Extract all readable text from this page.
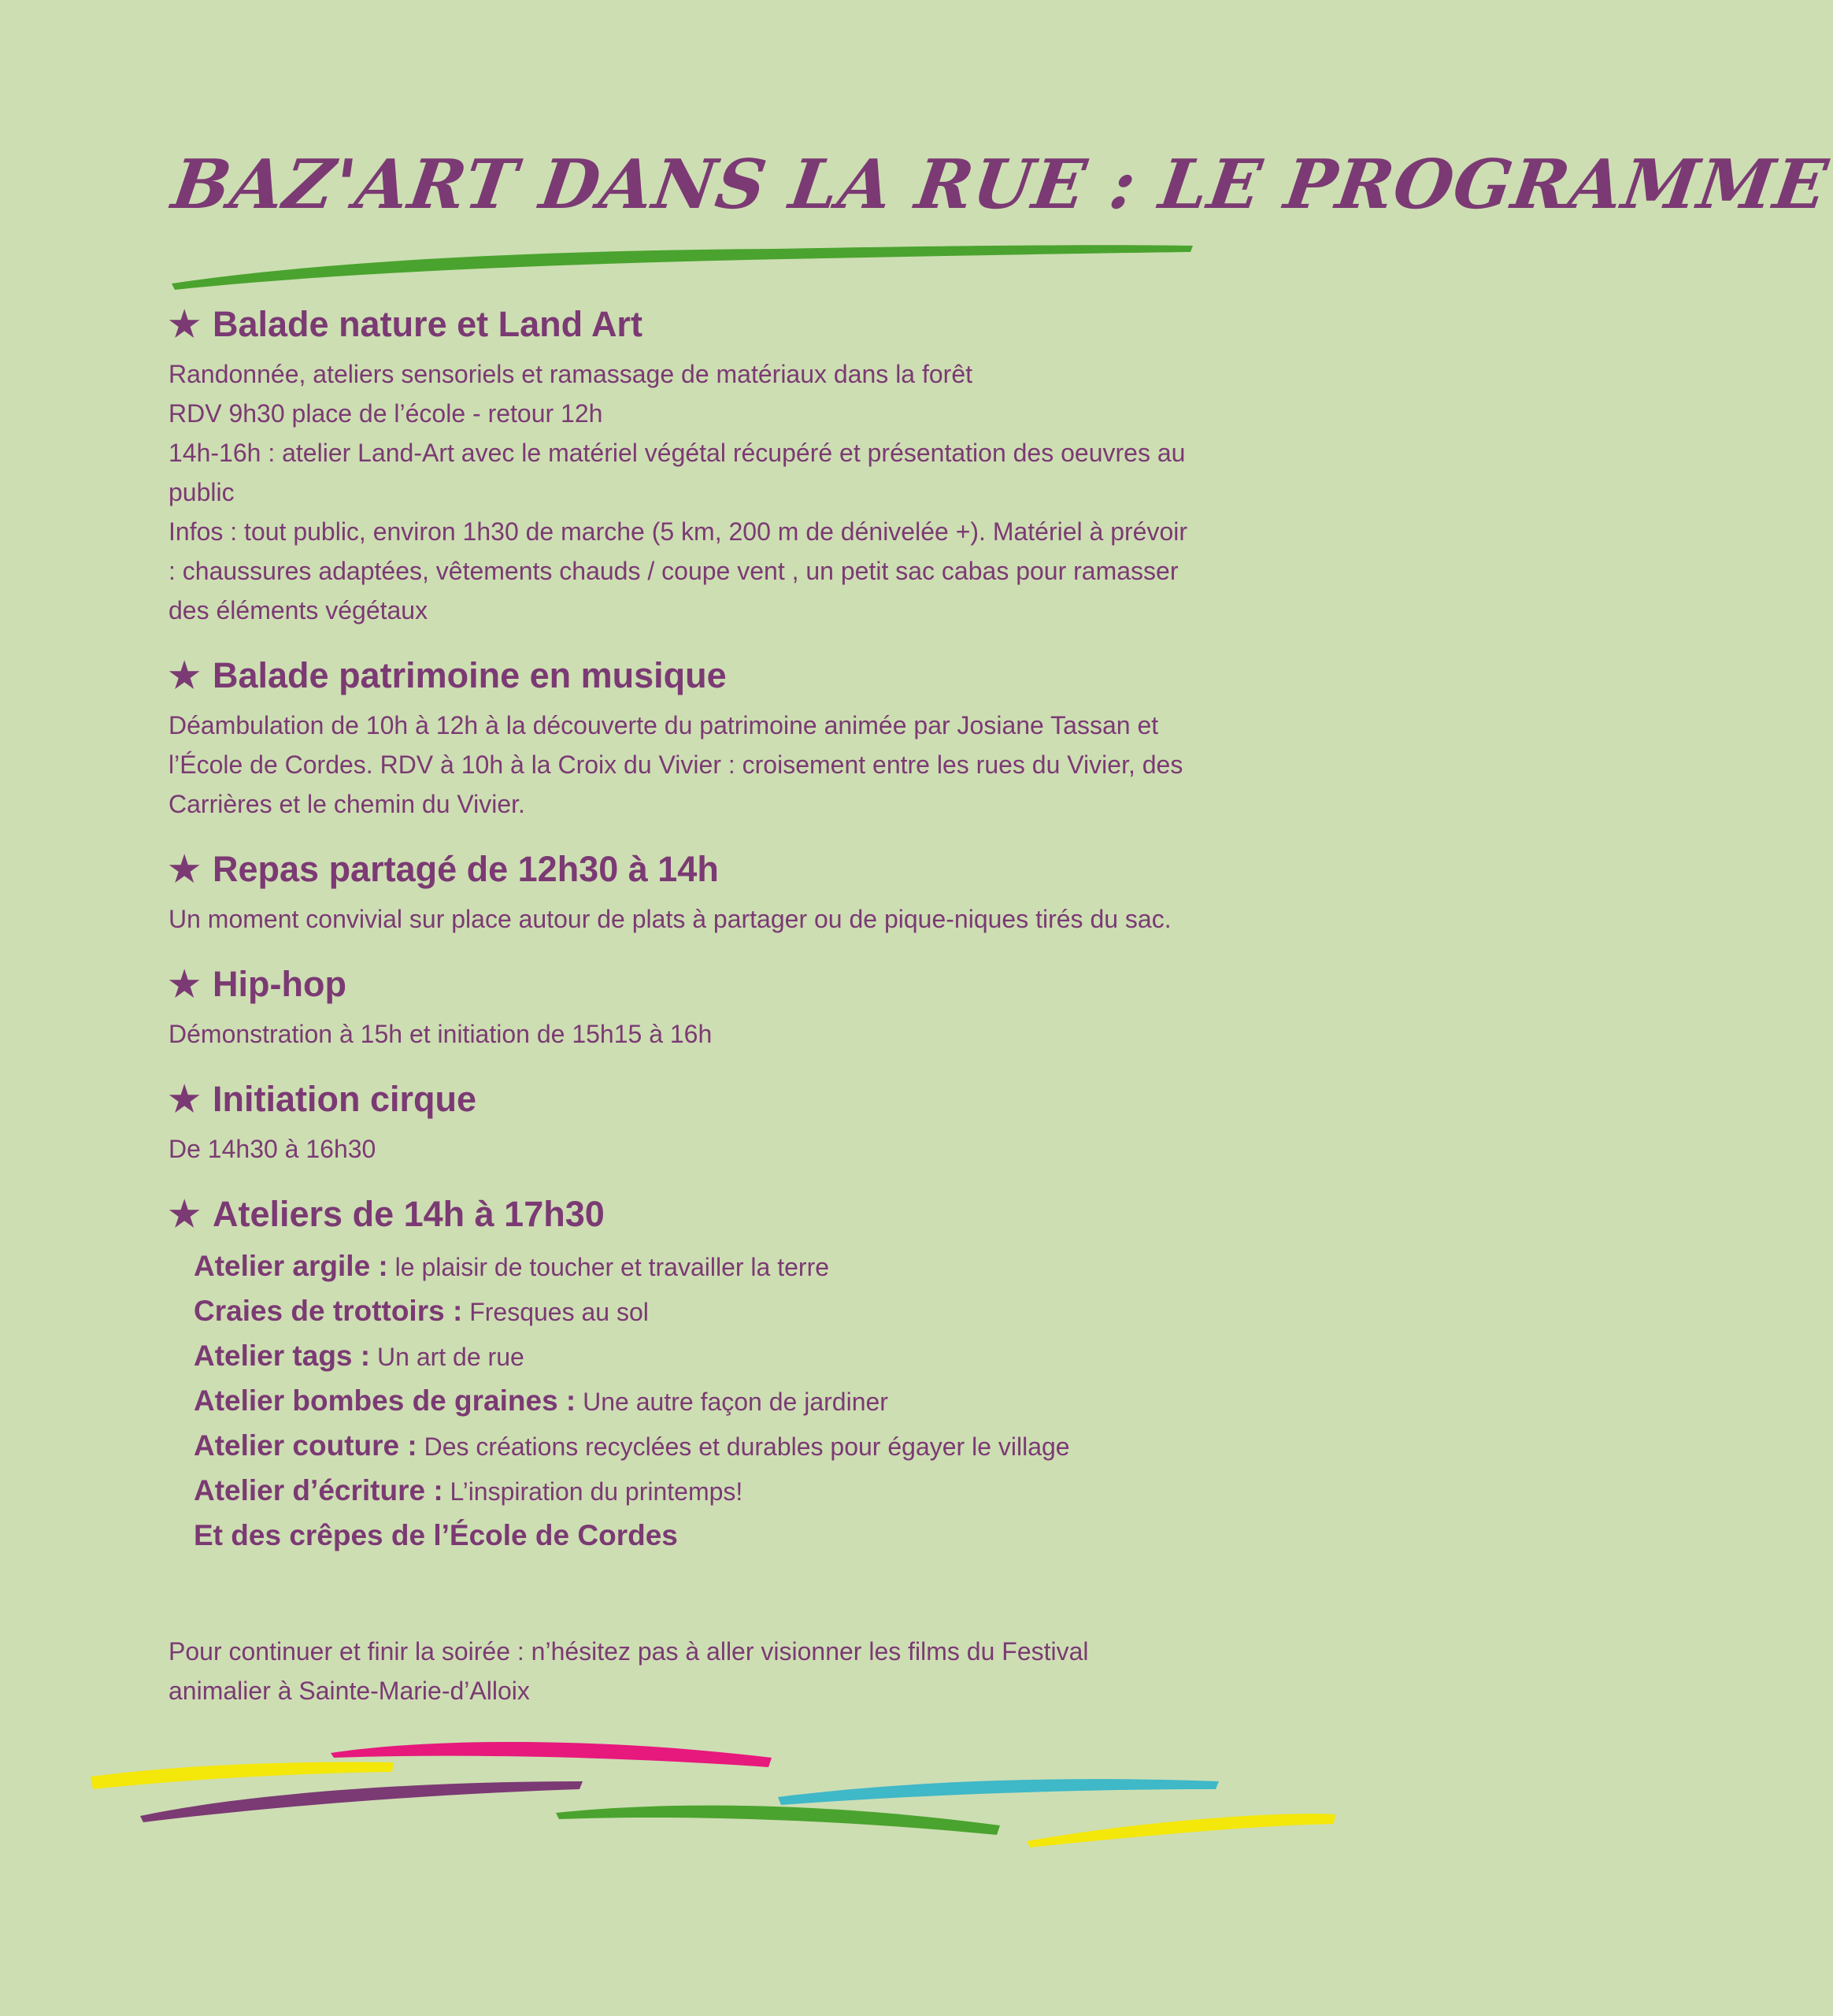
BAZ'ART DANS LA RUE : LE PROGRAMME
★ Balade nature et Land Art

Randonnée, ateliers sensoriels et ramassage de matériaux dans la forêt

RDV 9h30 place de l’école - retour 12h

14h-16h : atelier Land-Art avec le matériel végétal récupéré et présentation des oeuvres au public

Infos : tout public, environ 1h30 de marche (5 km, 200 m de dénivelée +). Matériel à prévoir : chaussures adaptées, vêtements chauds / coupe vent , un petit sac cabas pour ramasser des éléments végétaux

★ Balade patrimoine en musique

Déambulation de 10h à 12h à la découverte du patrimoine animée par Josiane Tassan et l’École de Cordes. RDV à 10h à la Croix du Vivier : croisement entre les rues du Vivier, des Carrières et le chemin du Vivier.

★ Repas partagé de 12h30 à 14h

Un moment convivial sur place autour de plats à partager ou de pique-niques tirés du sac.

★ Hip-hop

Démonstration à 15h et initiation de 15h15 à 16h

★ Initiation cirque

De 14h30 à 16h30

★ Ateliers de 14h à 17h30
Atelier argile : le plaisir de toucher et travailler la terre
Craies de trottoirs : Fresques au sol
Atelier tags : Un art de rue
Atelier bombes de graines : Une autre façon de jardiner
Atelier couture : Des créations recyclées et durables pour égayer le village
Atelier d’écriture : L’inspiration du printemps!
Et des crêpes de l’École de Cordes

Pour continuer et finir la soirée : n’hésitez pas à aller visionner les films du Festival animalier à Sainte-Marie-d’Alloix
